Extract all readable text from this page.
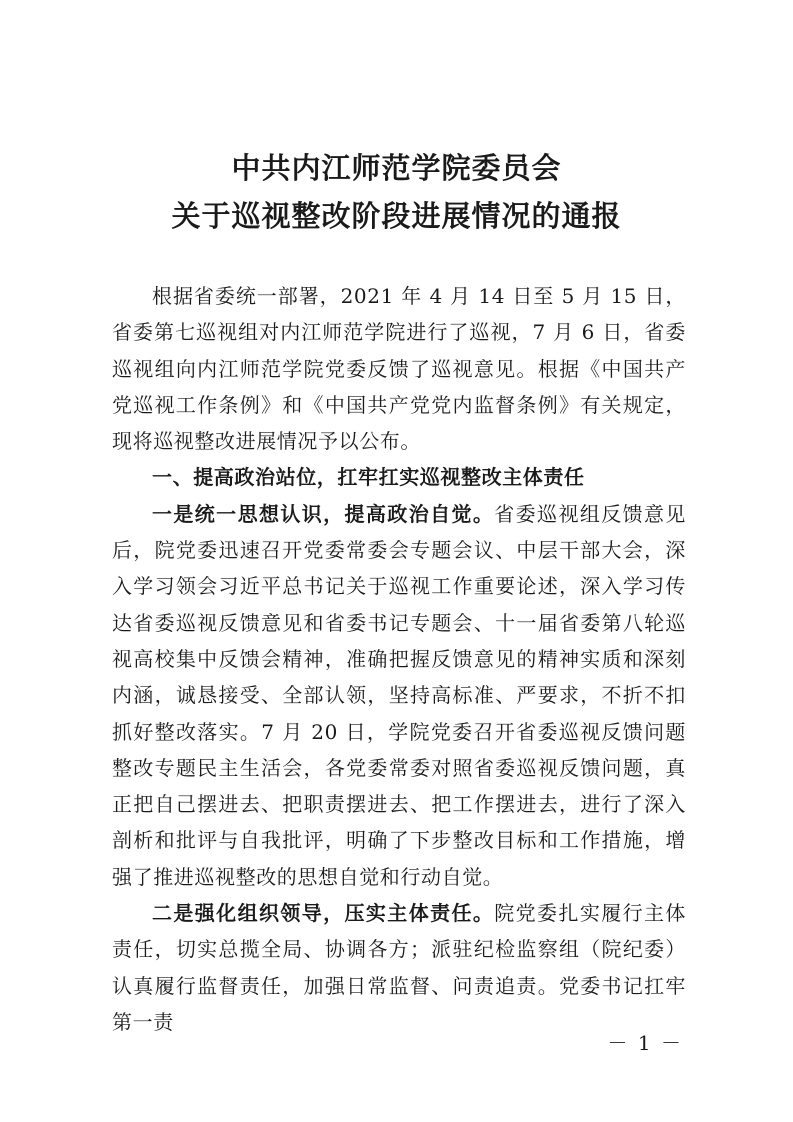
中共内江师范学院委员会
关于巡视整改阶段进展情况的通报

根据省委统一部署，2021 年 4 月 14 日至 5 月 15 日，省委第七巡视组对内江师范学院进行了巡视，7 月 6 日，省委巡视组向内江师范学院党委反馈了巡视意见。根据《中国共产党巡视工作条例》和《中国共产党党内监督条例》有关规定，现将巡视整改进展情况予以公布。

一、提高政治站位，扛牢扛实巡视整改主体责任

一是统一思想认识，提高政治自觉。省委巡视组反馈意见后，院党委迅速召开党委常委会专题会议、中层干部大会，深入学习领会习近平总书记关于巡视工作重要论述，深入学习传达省委巡视反馈意见和省委书记专题会、十一届省委第八轮巡视高校集中反馈会精神，准确把握反馈意见的精神实质和深刻内涵，诚恳接受、全部认领，坚持高标准、严要求，不折不扣抓好整改落实。7 月 20 日，学院党委召开省委巡视反馈问题整改专题民主生活会，各党委常委对照省委巡视反馈问题，真正把自己摆进去、把职责摆进去、把工作摆进去，进行了深入剖析和批评与自我批评，明确了下步整改目标和工作措施，增强了推进巡视整改的思想自觉和行动自觉。

二是强化组织领导，压实主体责任。院党委扎实履行主体责任，切实总揽全局、协调各方；派驻纪检监察组（院纪委）认真履行监督责任，加强日常监督、问责追责。党委书记扛牢第一责

－ 1 －
